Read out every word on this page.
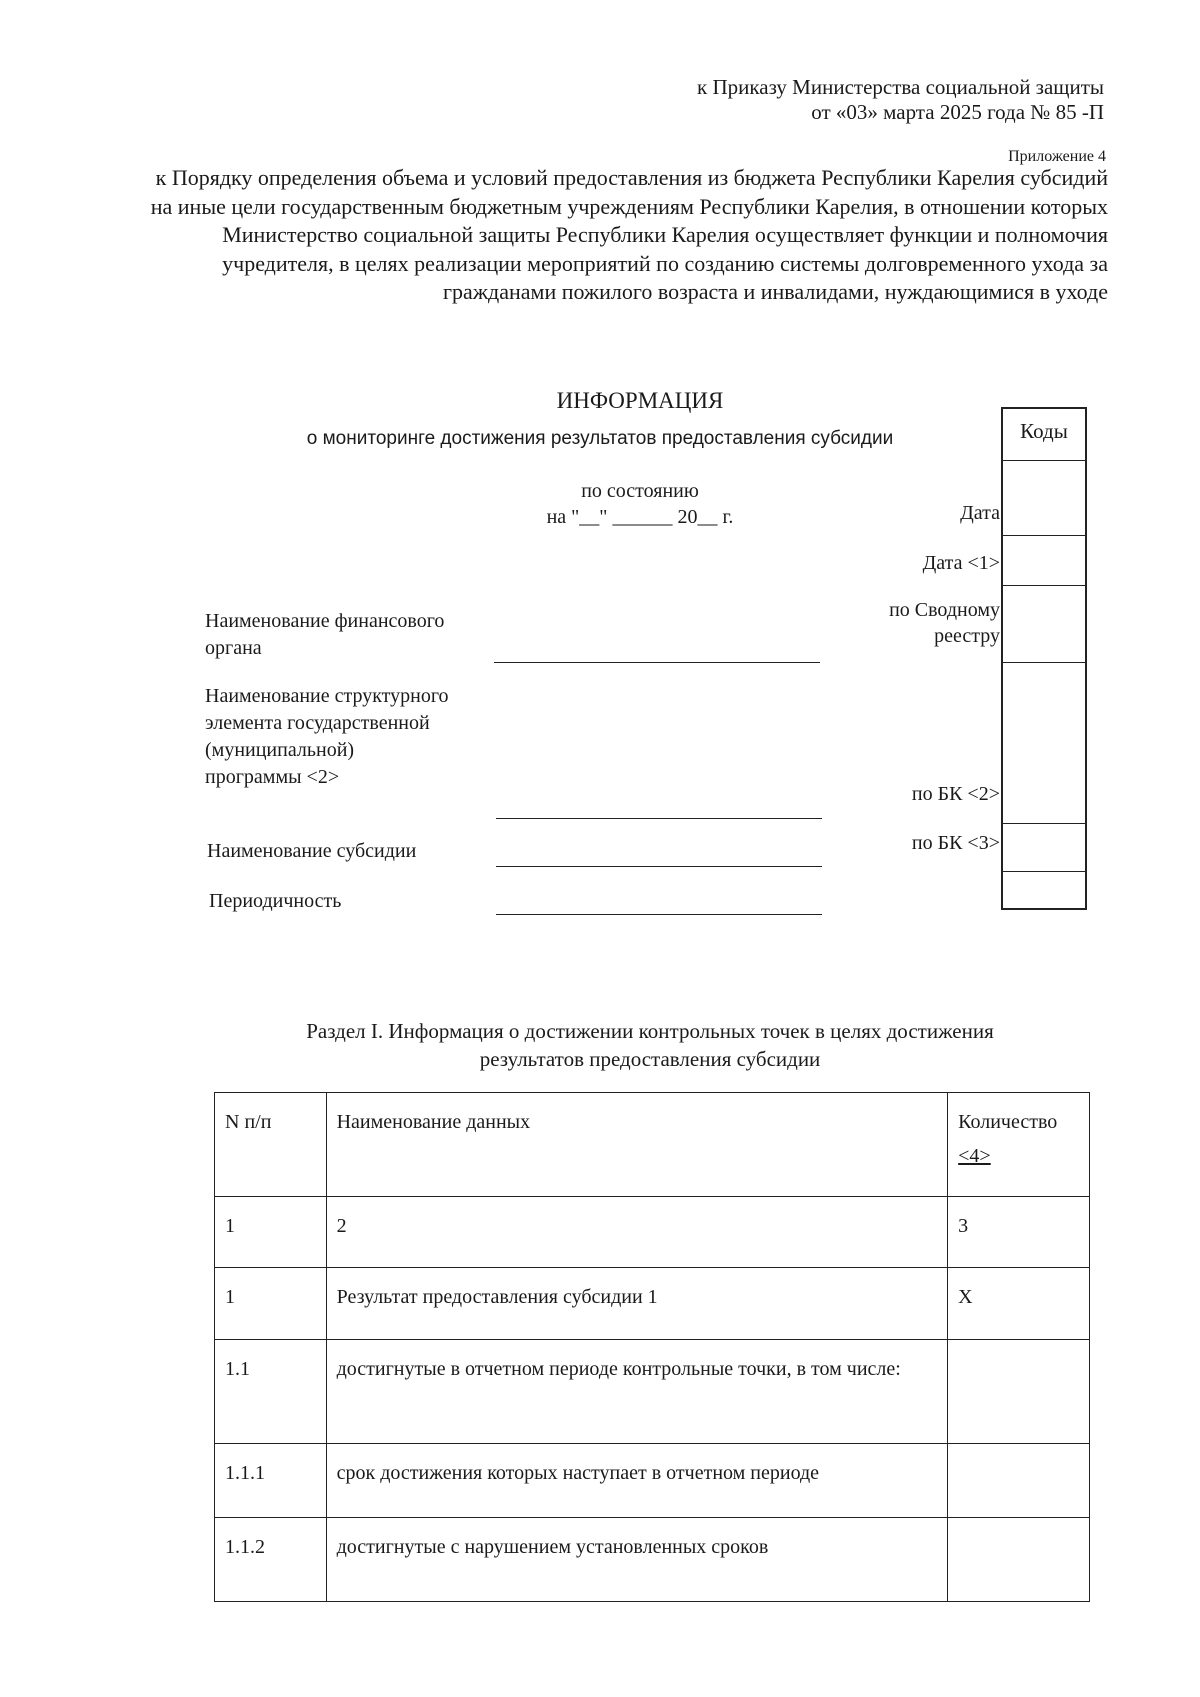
к Приказу Министерства социальной защиты
от «03» марта 2025 года № 85 -П
Приложение 4
к Порядку определения объема и условий предоставления из бюджета Республики Карелия субсидий на иные цели государственным бюджетным учреждениям Республики Карелия, в отношении которых Министерство социальной защиты Республики Карелия осуществляет функции и полномочия учредителя, в целях реализации мероприятий по созданию системы долговременного ухода за гражданами пожилого возраста и инвалидами, нуждающимися в уходе
ИНФОРМАЦИЯ
о мониторинге достижения результатов предоставления субсидии
по состоянию
на "__" ______ 20__ г.
Наименование финансового органа
Наименование структурного элемента государственной (муниципальной) программы <2>
Наименование субсидии
Периодичность
Дата
Дата <1>
по Сводному реестру
по БК <2>
по БК <3>
Коды
Раздел I. Информация о достижении контрольных точек в целях достижения результатов предоставления субсидии
N п/п	Наименование данных	Количество
<4>
1	2	3
1	Результат предоставления субсидии 1	X
1.1	достигнутые в отчетном периоде контрольные точки, в том числе:	
1.1.1	срок достижения которых наступает в отчетном периоде	
1.1.2	достигнутые с нарушением установленных сроков	
